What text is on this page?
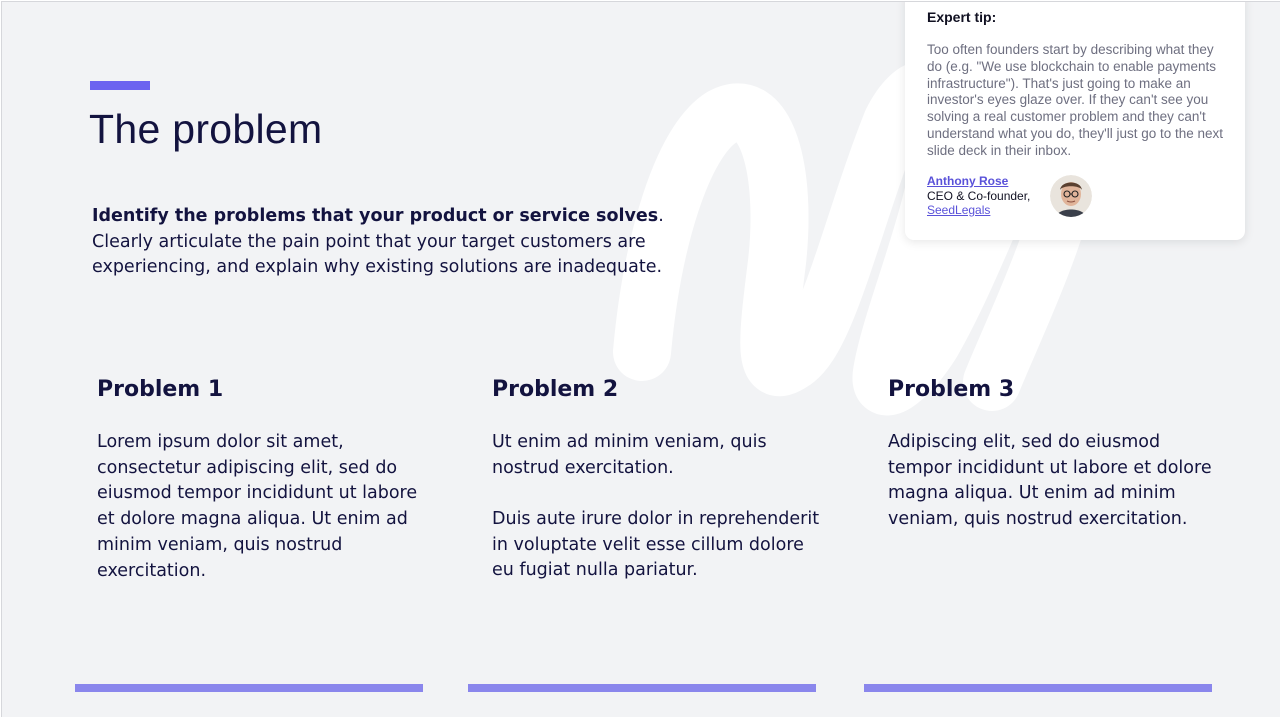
The problem
Identify the problems that your product or service solves. Clearly articulate the pain point that your target customers are experiencing, and explain why existing solutions are inadequate.
Problem 1

Lorem ipsum dolor sit amet, consectetur adipiscing elit, sed do eiusmod tempor incididunt ut labore et dolore magna aliqua. Ut enim ad minim veniam, quis nostrud exercitation.

Problem 2

Ut enim ad minim veniam, quis nostrud exercitation.

Duis aute irure dolor in reprehenderit in voluptate velit esse cillum dolore eu fugiat nulla pariatur.

Problem 3

Adipiscing elit, sed do eiusmod tempor incididunt ut labore et dolore magna aliqua. Ut enim ad minim veniam, quis nostrud exercitation.

Expert tip:
Too often founders start by describing what they do (e.g. "We use blockchain to enable payments infrastructure"). That's just going to make an investor's eyes glaze over. If they can't see you solving a real customer problem and they can't understand what you do, they'll just go to the next slide deck in their inbox.
Anthony Rose
CEO & Co-founder,
SeedLegals
